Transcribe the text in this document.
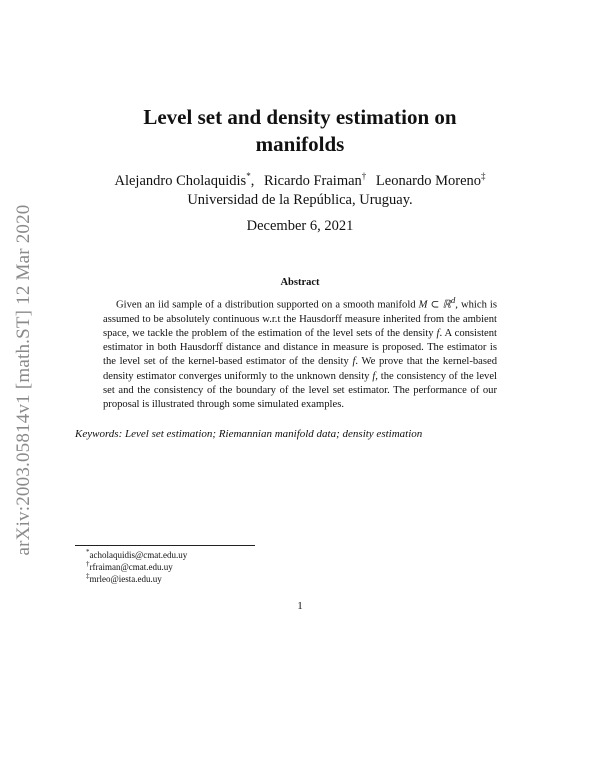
arXiv:2003.05814v1 [math.ST] 12 Mar 2020
Level set and density estimation on
manifolds
Alejandro Cholaquidis*, Ricardo Fraiman† Leonardo Moreno‡
Universidad de la República, Uruguay.
December 6, 2021
Abstract
Given an iid sample of a distribution supported on a smooth manifold M ⊂ ℝ$^d$, which is assumed to be absolutely continuous w.r.t the Hausdorff measure inherited from the ambient space, we tackle the problem of the estimation of the level sets of the density f. A consistent estimator in both Hausdorff distance and distance in measure is proposed. The estimator is the level set of the kernel-based estimator of the density f. We prove that the kernel-based density estimator converges uniformly to the unknown density f, the consistency of the level set and the consistency of the boundary of the level set estimator. The performance of our proposal is illustrated through some simulated examples.
Keywords: Level set estimation; Riemannian manifold data; density estimation
*acholaquidis@cmat.edu.uy
†rfraiman@cmat.edu.uy
‡mrleo@iesta.edu.uy
1
